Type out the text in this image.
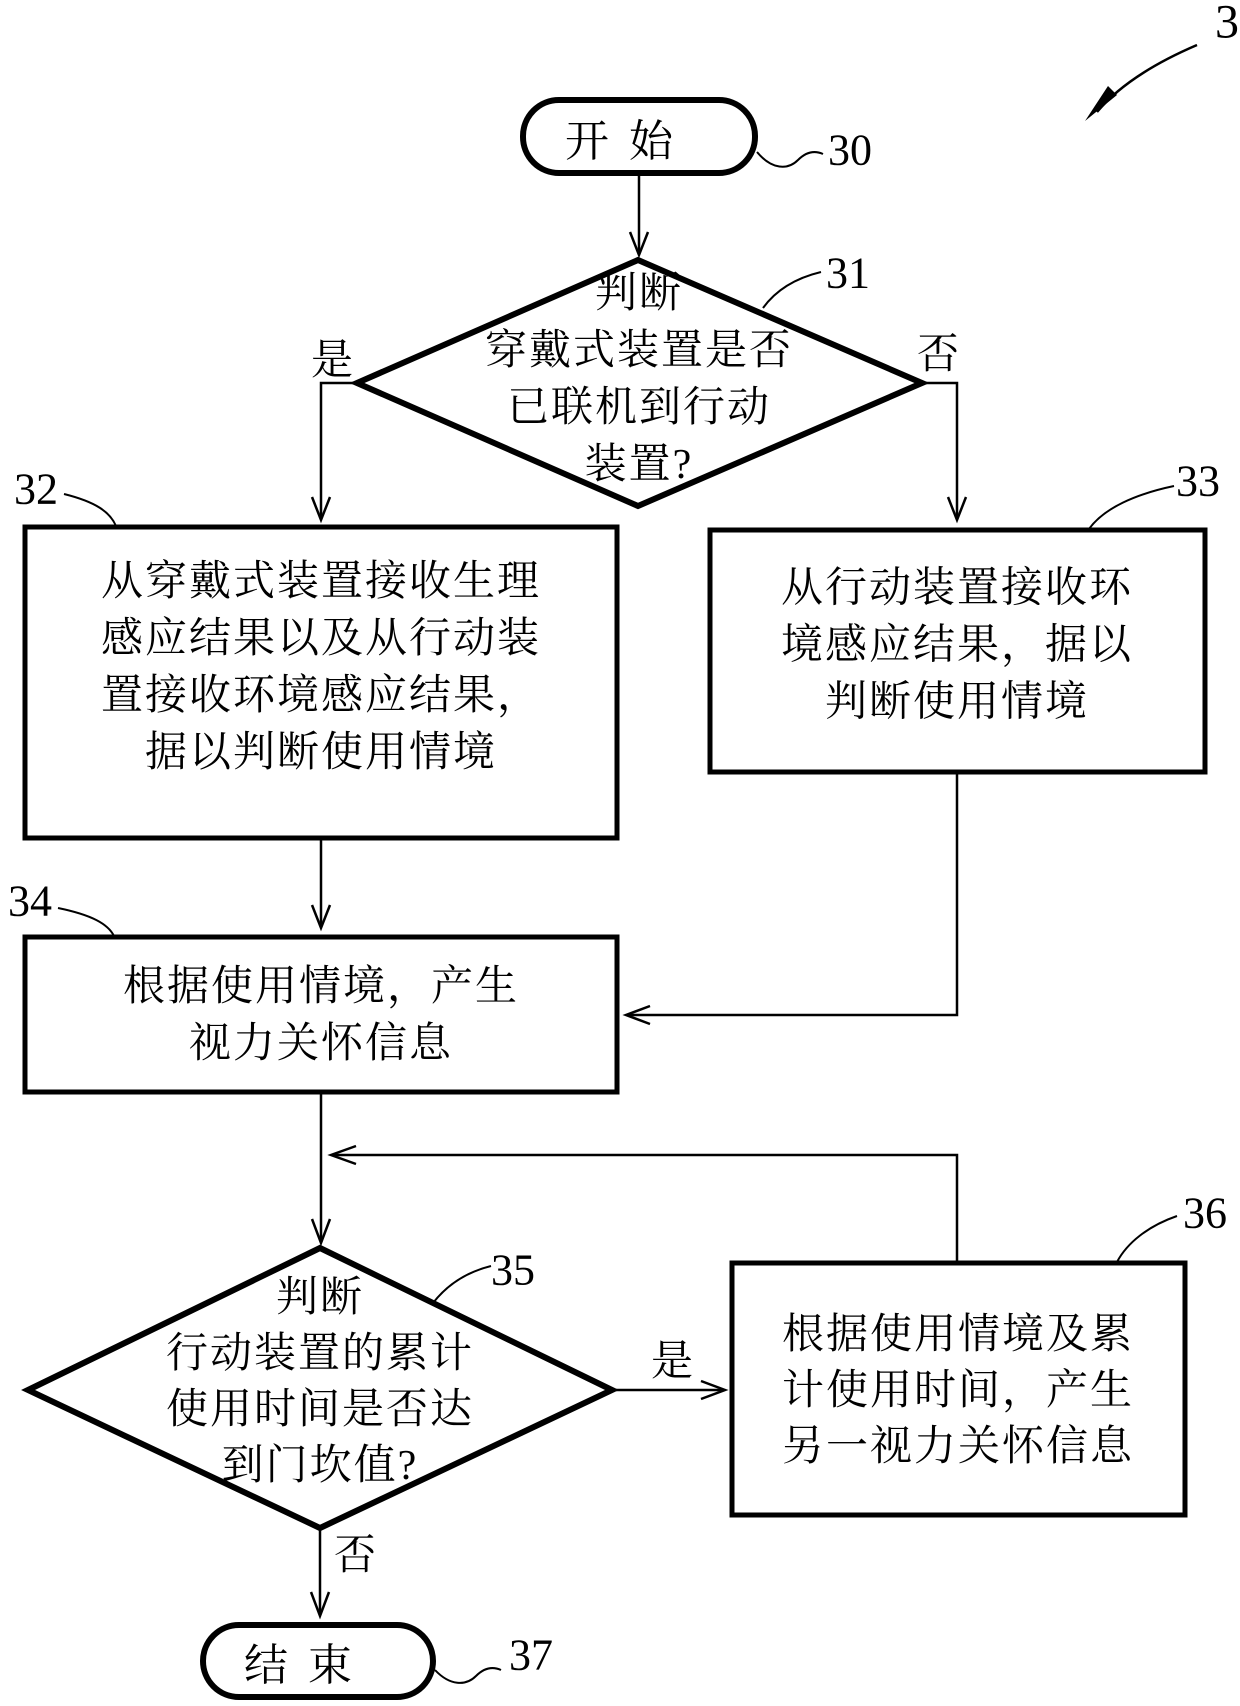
3
开始	30
判断
穿戴式装置是否
已联机到行动
装置?
31
是	否
从穿戴式装置接收生理
感应结果以及从行动装
置接收环境感应结果，
据以判断使用情境
32
从行动装置接收环
境感应结果，据以
判断使用情境
33
根据使用情境，产生
视力关怀信息
34
判断
行动装置的累计
使用时间是否达
到门坎值?
35
是
否
根据使用情境及累
计使用时间，产生
另一视力关怀信息
36
结束	37
